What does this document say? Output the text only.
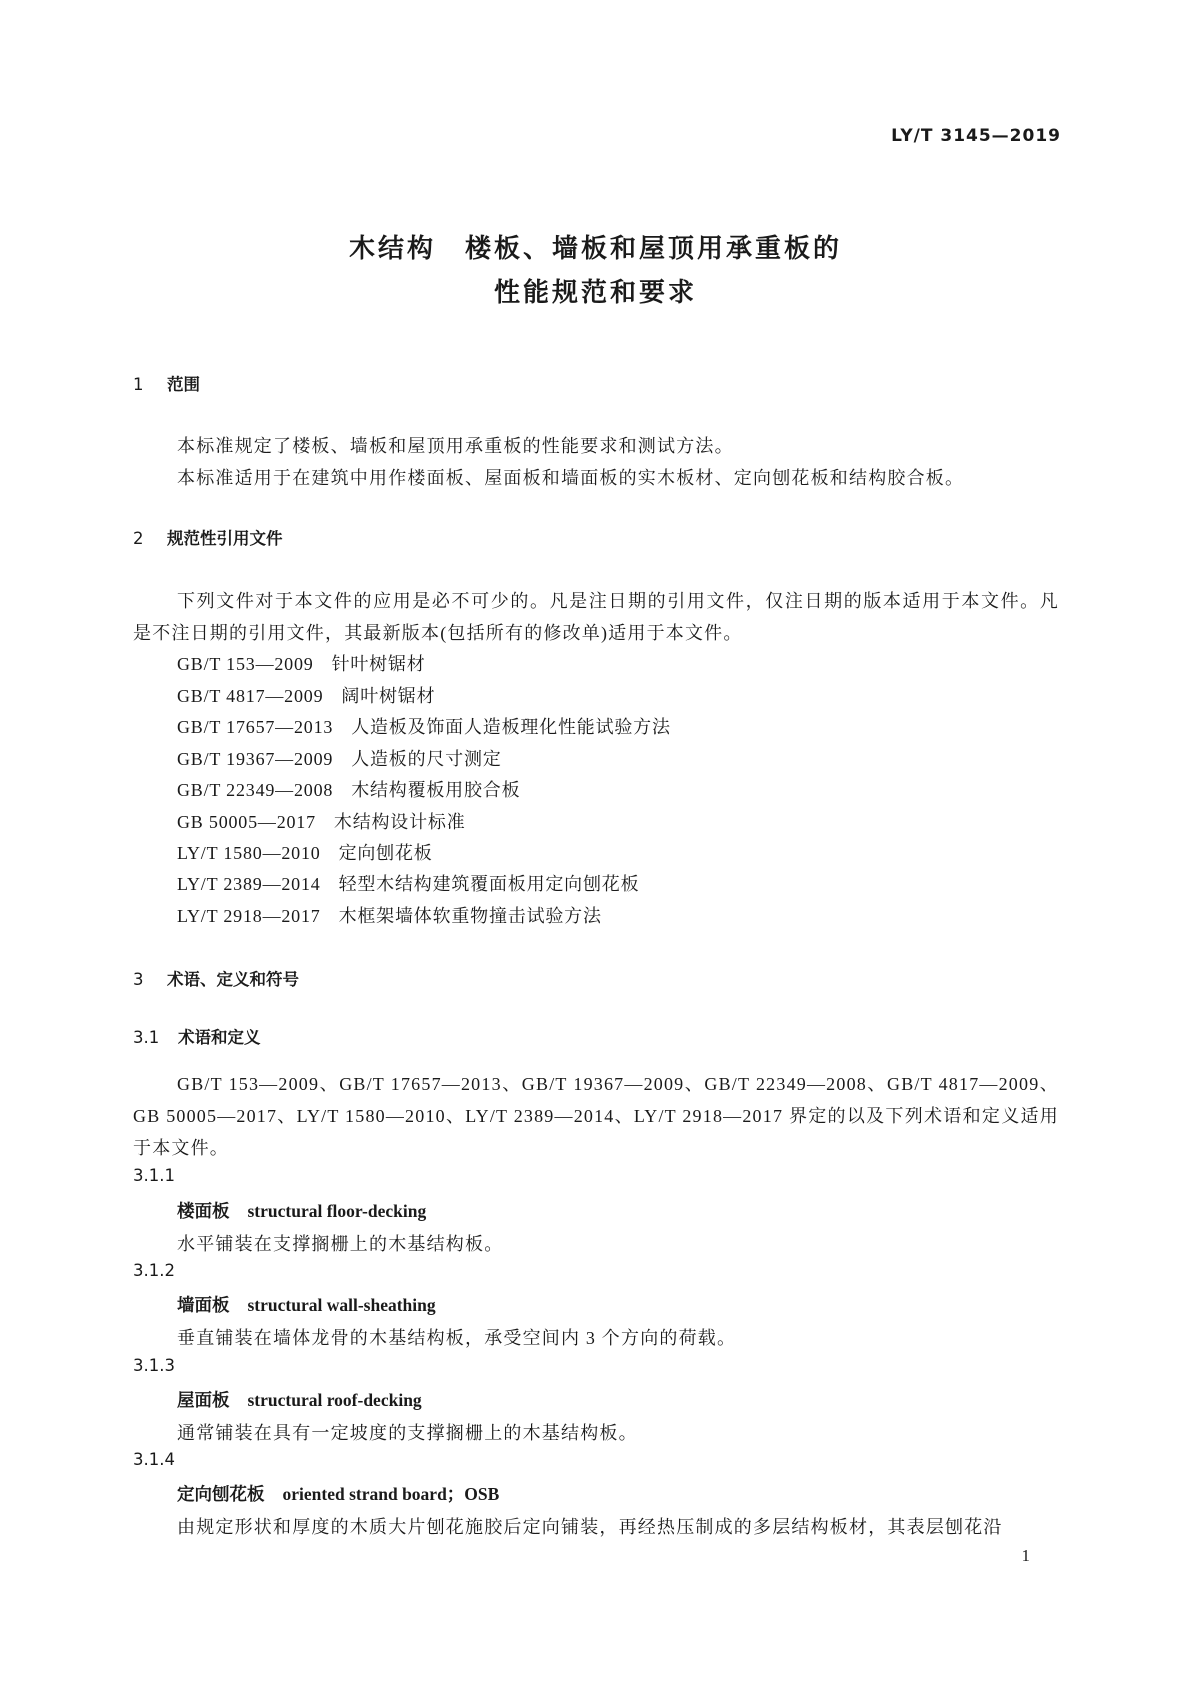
LY/T 3145—2019
木结构　楼板、墙板和屋顶用承重板的
性能规范和要求
1 范围
本标准规定了楼板、墙板和屋顶用承重板的性能要求和测试方法。
本标准适用于在建筑中用作楼面板、屋面板和墙面板的实木板材、定向刨花板和结构胶合板。
2 规范性引用文件
下列文件对于本文件的应用是必不可少的。凡是注日期的引用文件，仅注日期的版本适用于本文件。凡是不注日期的引用文件，其最新版本(包括所有的修改单)适用于本文件。
GB/T 153—2009 针叶树锯材
GB/T 4817—2009 阔叶树锯材
GB/T 17657—2013 人造板及饰面人造板理化性能试验方法
GB/T 19367—2009 人造板的尺寸测定
GB/T 22349—2008 木结构覆板用胶合板
GB 50005—2017 木结构设计标准
LY/T 1580—2010 定向刨花板
LY/T 2389—2014 轻型木结构建筑覆面板用定向刨花板
LY/T 2918—2017 木框架墙体软重物撞击试验方法
3 术语、定义和符号
3.1 术语和定义
GB/T 153—2009、GB/T 17657—2013、GB/T 19367—2009、GB/T 22349—2008、GB/T 4817—2009、GB 50005—2017、LY/T 1580—2010、LY/T 2389—2014、LY/T 2918—2017 界定的以及下列术语和定义适用于本文件。
3.1.1
楼面板 structural floor-decking
水平铺装在支撑搁栅上的木基结构板。
3.1.2
墙面板 structural wall-sheathing
垂直铺装在墙体龙骨的木基结构板，承受空间内 3 个方向的荷载。
3.1.3
屋面板 structural roof-decking
通常铺装在具有一定坡度的支撑搁栅上的木基结构板。
3.1.4
定向刨花板 oriented strand board；OSB
由规定形状和厚度的木质大片刨花施胶后定向铺装，再经热压制成的多层结构板材，其表层刨花沿
1
